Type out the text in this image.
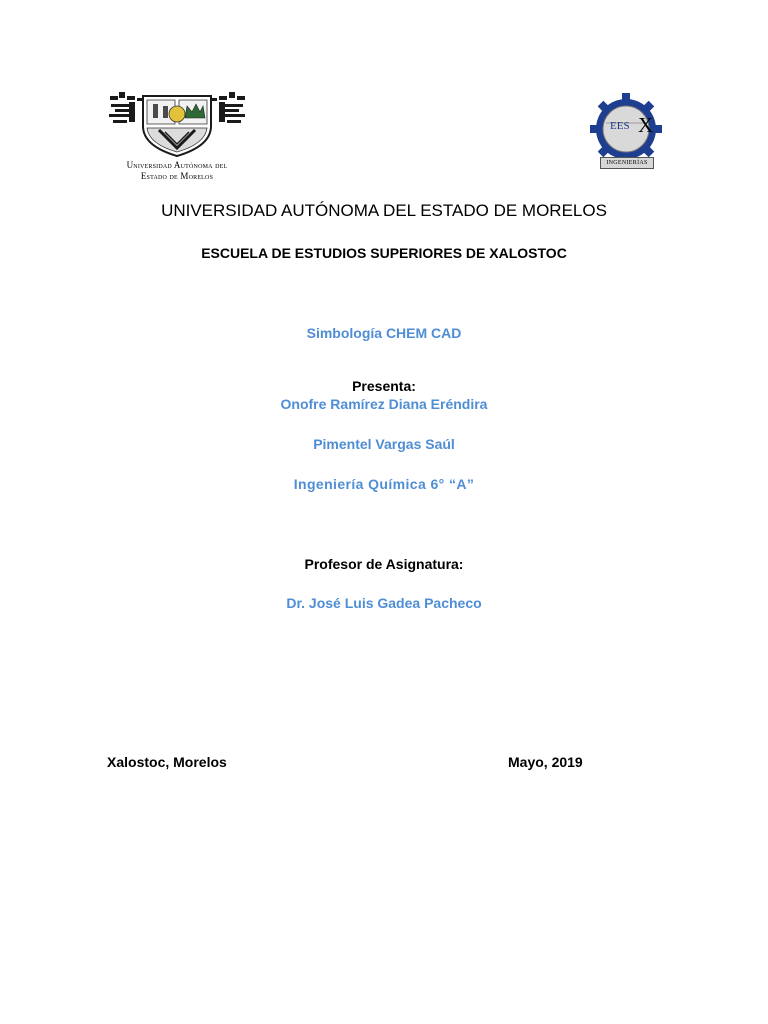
Universidad Autónoma del
Estado de Morelos
EES X
INGENIERÍAS
UNIVERSIDAD AUTÓNOMA DEL ESTADO DE MORELOS
ESCUELA DE ESTUDIOS SUPERIORES DE XALOSTOC
Simbología CHEM CAD
Presenta:
Onofre Ramírez Diana Eréndira
Pimentel Vargas Saúl
Ingeniería Química 6° “A”
Profesor de Asignatura:
Dr. José Luis Gadea Pacheco
Xalostoc, Morelos	Mayo, 2019
